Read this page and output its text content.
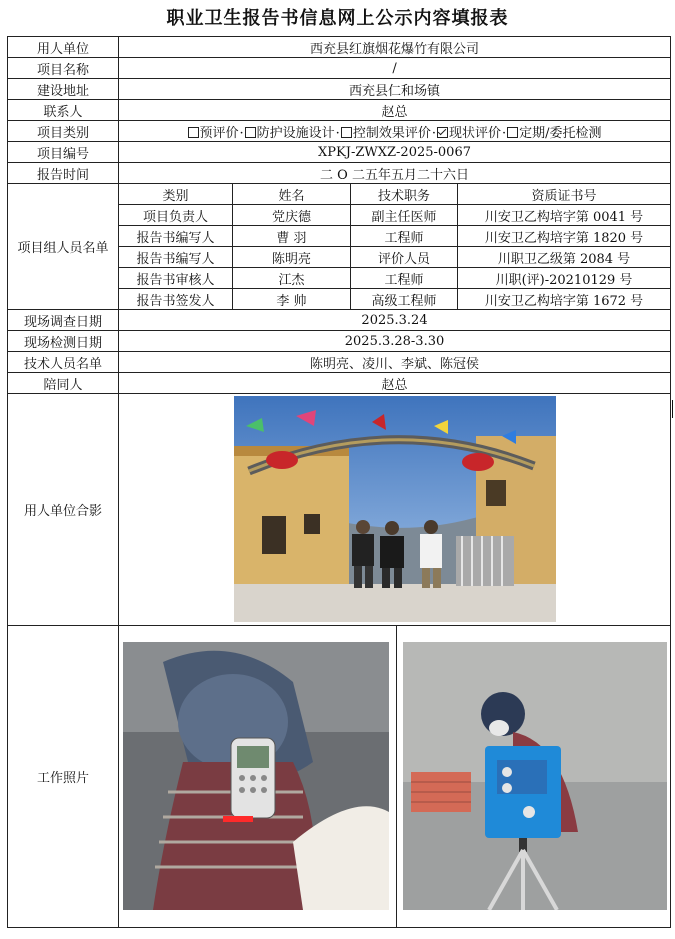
职业卫生报告书信息网上公示内容填报表
用人单位	西充县红旗烟花爆竹有限公司			
项目名称	/			
建设地址	西充县仁和场镇			
联系人	赵总			
项目类别	预评价· 防护设施设计· 控制效果评价· 现状评价· 定期/委托检测			
项目编号	XPKJ-ZWXZ-2025-0067			
报告时间	二 O 二五年五月二十六日			
项目组人员名单	类别	姓名	技术职务	资质证书号
	项目负责人	党庆德	副主任医师	川安卫乙构培字第 0041 号
	报告书编写人	曹 羽	工程师	川安卫乙构培字第 1820 号
	报告书编写人	陈明亮	评价人员	川职卫乙级第 2084 号
	报告书审核人	江杰	工程师	川职(评)-20210129 号
	报告书签发人	李 帅	高级工程师	川安卫乙构培字第 1672 号
现场调查日期	2025.3.24			
现场检测日期	2025.3.28-3.30			
技术人员名单	陈明亮、凌川、李斌、陈冠侯			
陪同人	赵总			
用人单位合影	

工作照片	
